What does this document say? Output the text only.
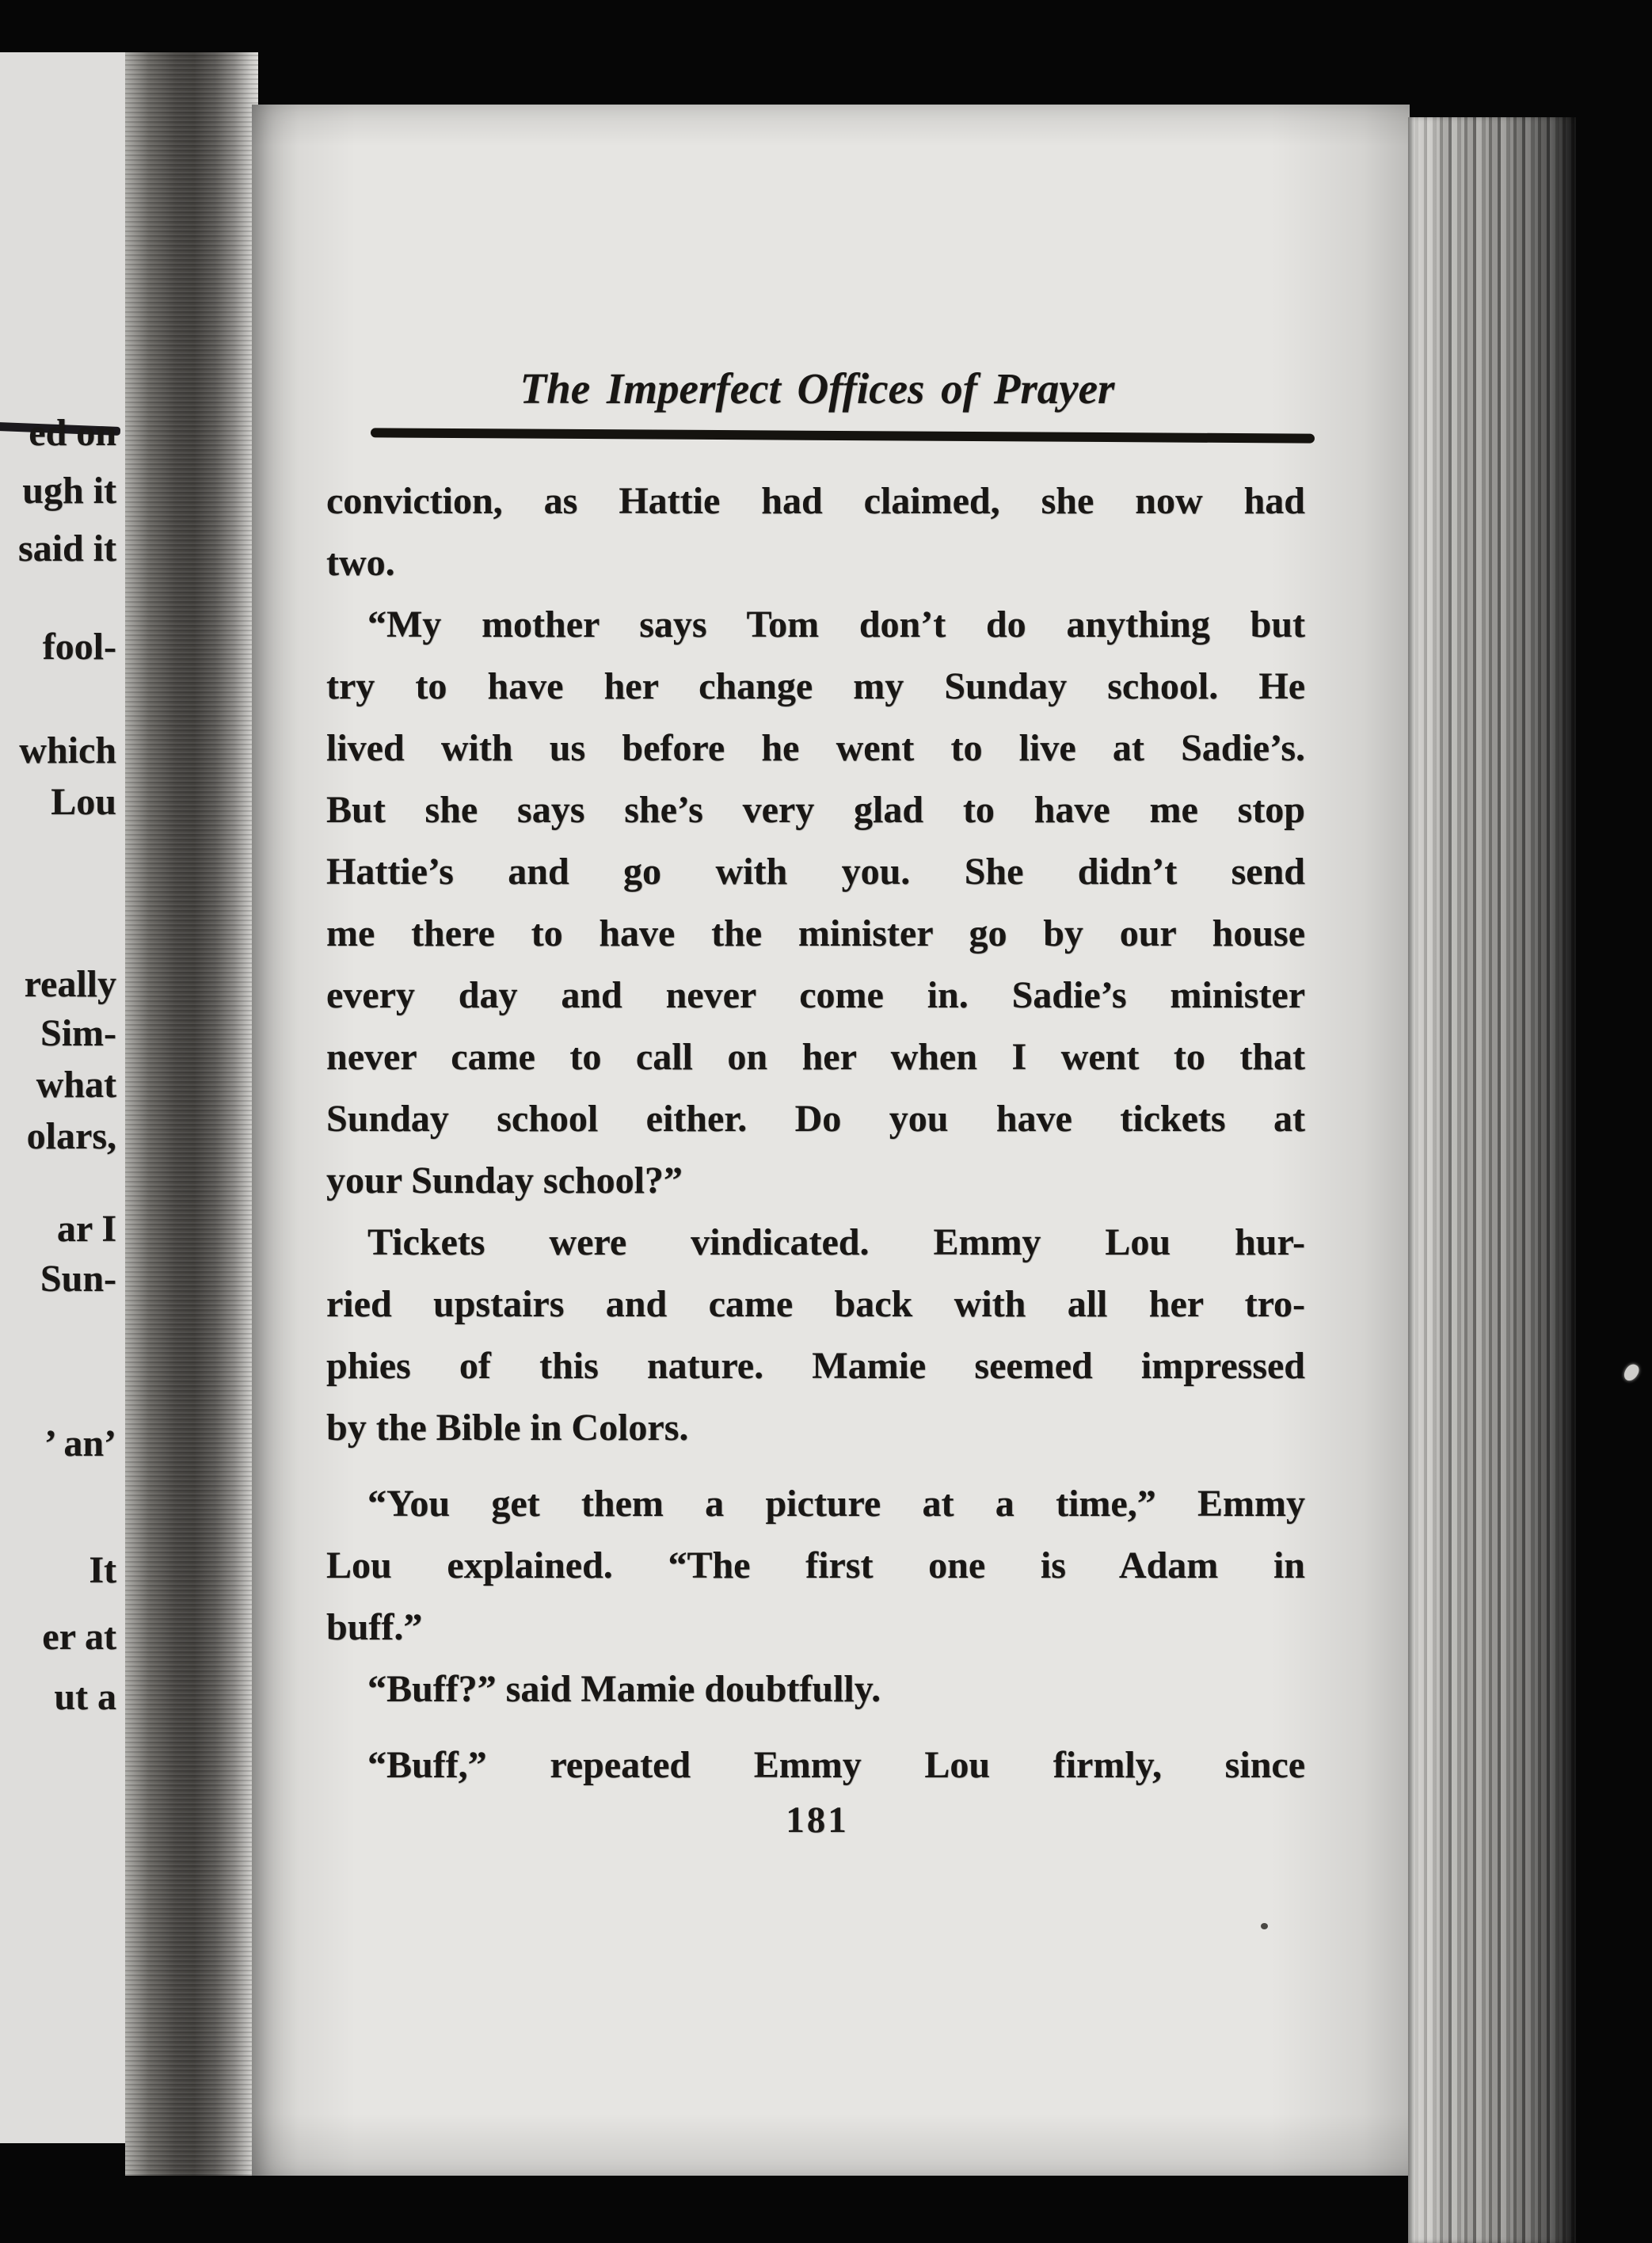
ed on
ugh it
said it
fool-
which
Lou
really
Sim-
what
olars,
ar I
Sun-
’ an’
It
er at
ut a
The Imperfect Offices of Prayer
conviction, as Hattie had claimed, she now had
two.
“My mother says Tom don’t do anything but
try to have her change my Sunday school. He
lived with us before he went to live at Sadie’s.
But she says she’s very glad to have me stop
Hattie’s and go with you. She didn’t send
me there to have the minister go by our house
every day and never come in. Sadie’s minister
never came to call on her when I went to that
Sunday school either. Do you have tickets at
your Sunday school?”
Tickets were vindicated. Emmy Lou hur-
ried upstairs and came back with all her tro-
phies of this nature. Mamie seemed impressed
by the Bible in Colors.
“You get them a picture at a time,” Emmy
Lou explained. “The first one is Adam in
buff.”
“Buff?” said Mamie doubtfully.
“Buff,” repeated Emmy Lou firmly, since
181
